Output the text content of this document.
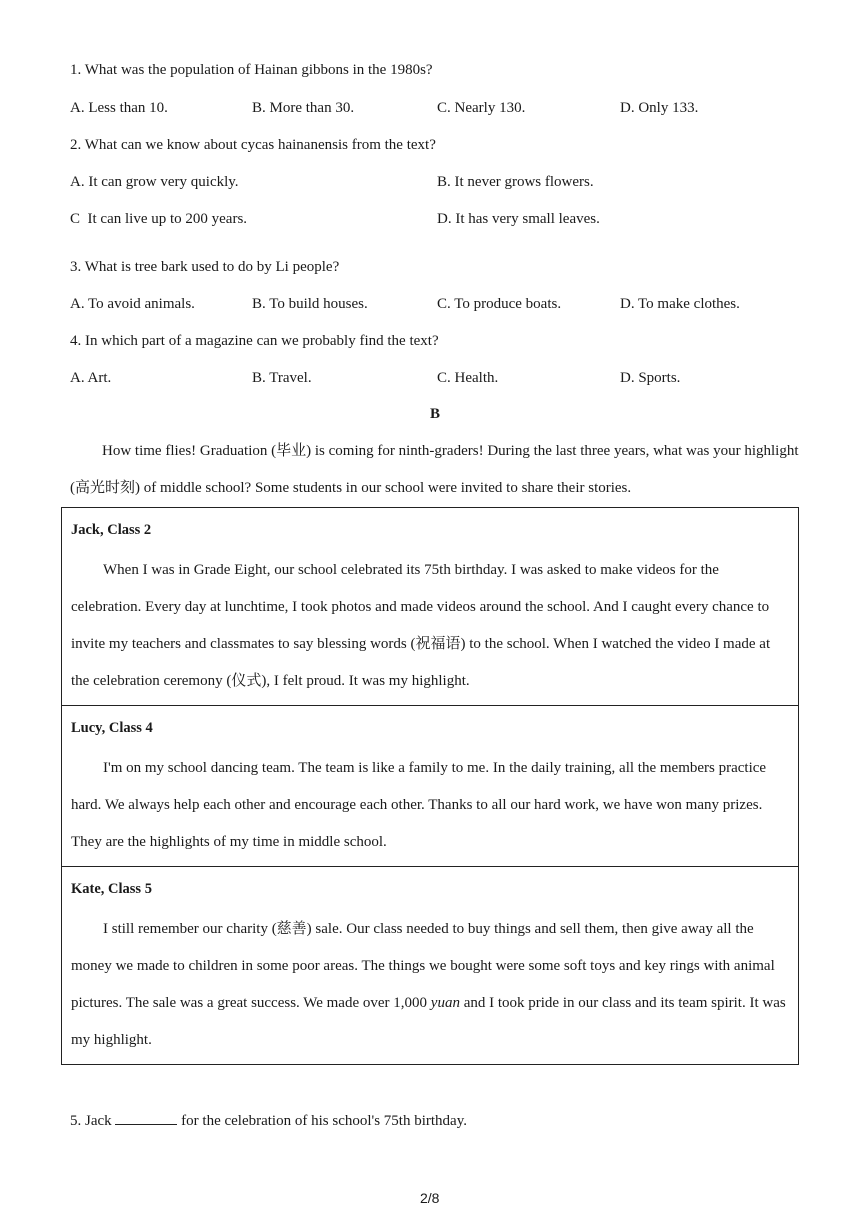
1. What was the population of Hainan gibbons in the 1980s?
A. Less than 10.	B. More than 30.	C. Nearly 130.	D. Only 133.
2. What can we know about cycas hainanensis from the text?
A. It can grow very quickly.	B. It never grows flowers.
C  It can live up to 200 years.	D. It has very small leaves.
3. What is tree bark used to do by Li people?
A. To avoid animals.	B. To build houses.	C. To produce boats.	D. To make clothes.
4. In which part of a magazine can we probably find the text?
A. Art.	B. Travel.	C. Health.	D. Sports.
B
How time flies! Graduation (毕业) is coming for ninth-graders! During the last three years, what was your highlight (高光时刻) of middle school? Some students in our school were invited to share their stories.
Jack, Class 2
When I was in Grade Eight, our school celebrated its 75th birthday. I was asked to make videos for the celebration. Every day at lunchtime, I took photos and made videos around the school. And I caught every chance to invite my teachers and classmates to say blessing words (祝福语) to the school. When I watched the video I made at the celebration ceremony (仪式), I felt proud. It was my highlight.
Lucy, Class 4
I'm on my school dancing team. The team is like a family to me. In the daily training, all the members practice hard. We always help each other and encourage each other. Thanks to all our hard work, we have won many prizes. They are the highlights of my time in middle school.
Kate, Class 5
I still remember our charity (慈善) sale. Our class needed to buy things and sell them, then give away all the money we made to children in some poor areas. The things we bought were some soft toys and key rings with animal pictures. The sale was a great success. We made over 1,000 yuan and I took pride in our class and its team spirit. It was my highlight.
5. Jack	for the celebration of his school's 75th birthday.
2/8
